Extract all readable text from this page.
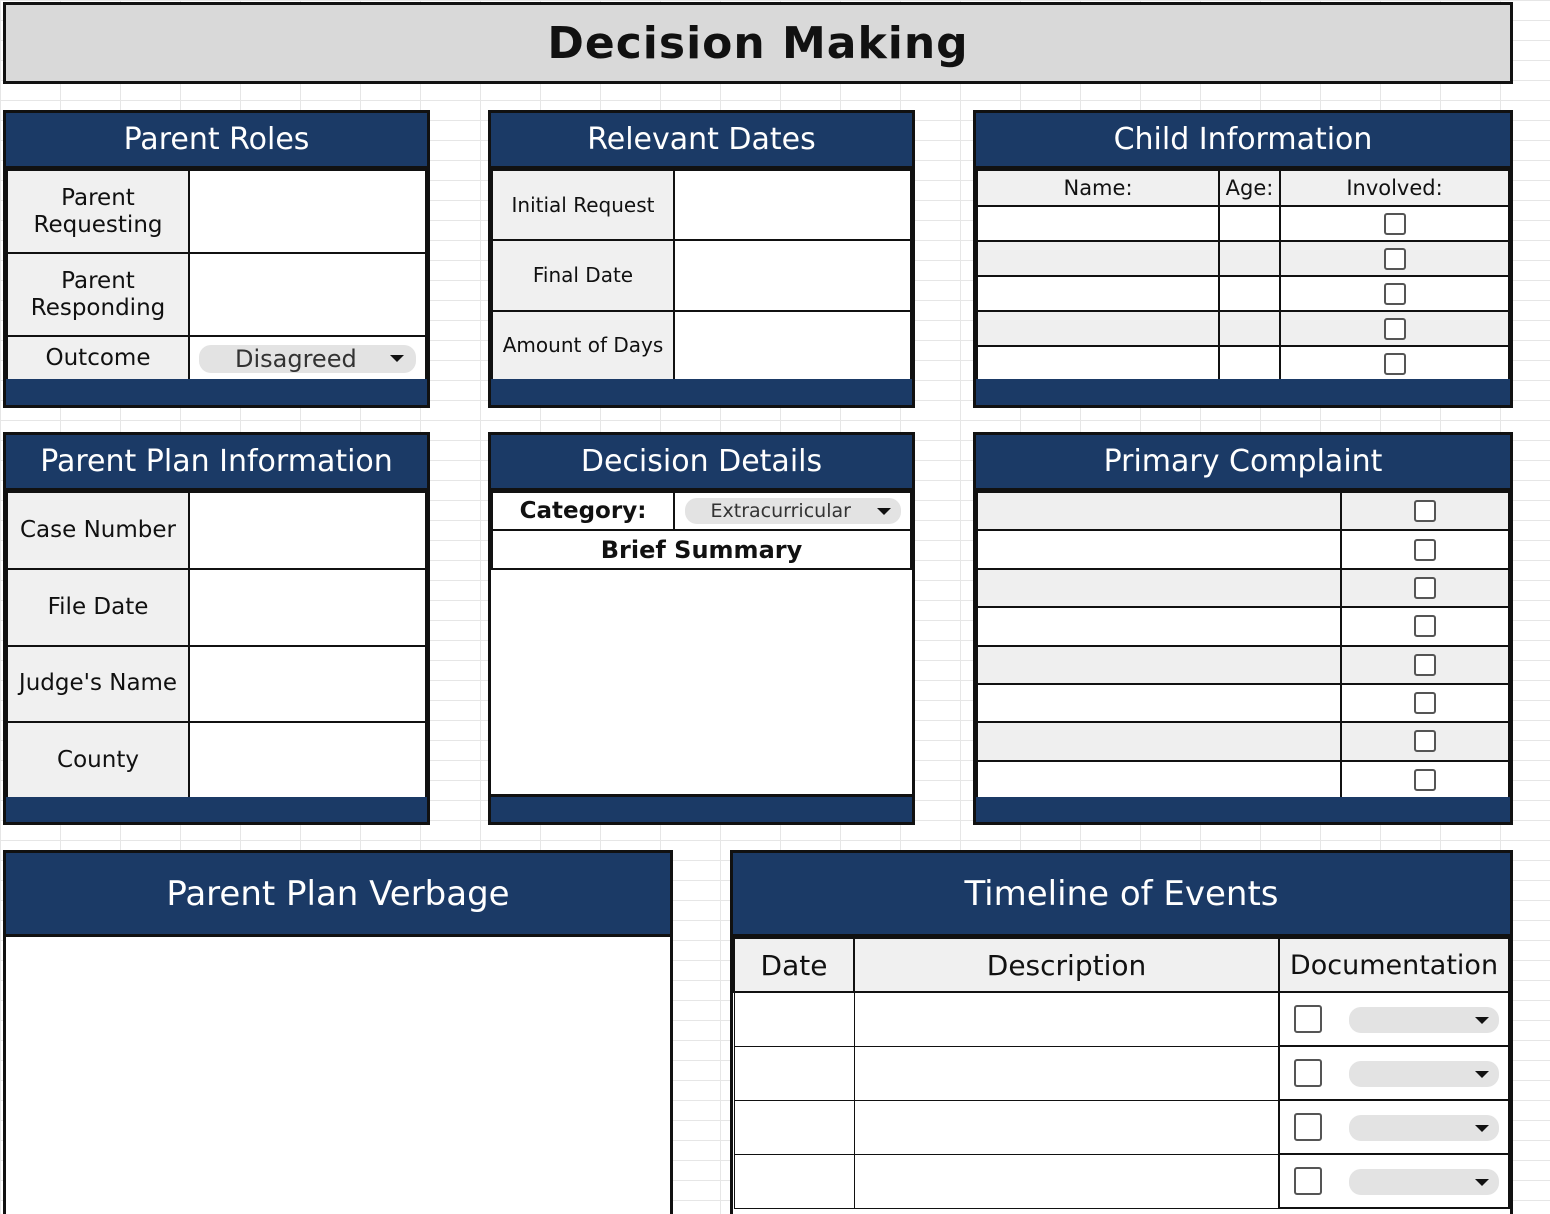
Decision Making
Parent Roles
Parent Requesting	
Parent Responding	
Outcome	Disagreed
Relevant Dates
Initial Request	
Final Date	
Amount of Days	
Child Information
Name:	Age:	Involved:

Parent Plan Information
Case Number	
File Date	
Judge's Name	
County	
Decision Details
Category:	Extracurricular

Brief Summary
Primary Complaint

Parent Plan Verbage	Timeline of Events
Date	Description	Documentation
